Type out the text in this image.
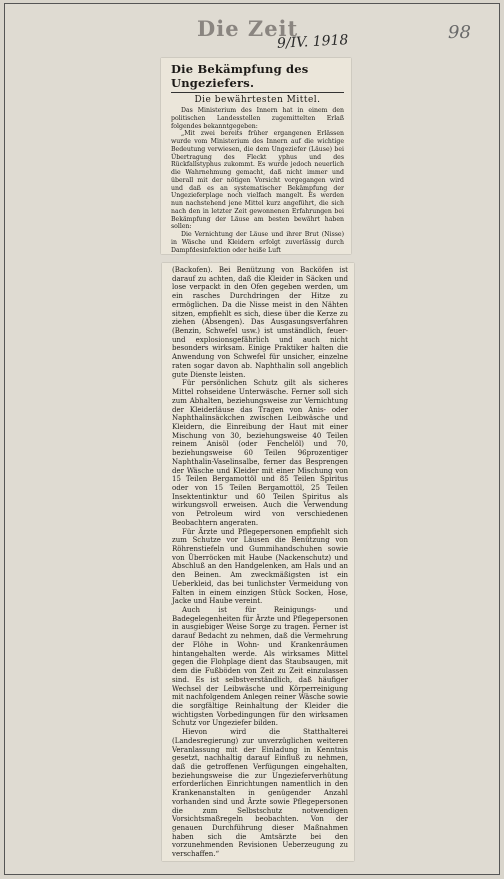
Die Zeit
9/IV. 1918	98
Die Bekämpfung des Ungeziefers.
Die bewährtesten Mittel.

Das Ministerium des Innern hat in einem den politischen Landesstellen zugemittelten Erlaß folgendes bekanntgegeben:

„Mit zwei bereits früher ergangenen Erlässen wurde vom Ministerium des Innern auf die wichtige Bedeutung verwiesen, die dem Ungeziefer (Läuse) bei Übertragung des Fleckt yphus und des Rückfallstyphus zukommt. Es wurde jedoch neuerlich die Wahrnehmung gemacht, daß nicht immer und überall mit der nötigen Vorsicht vorgegangen wird und daß es an systematischer Bekämpfung der Ungezieferplage noch vielfach mangelt. Es werden nun nachstehend jene Mittel kurz angeführt, die sich nach den in letzter Zeit gewonnenen Erfahrungen bei Bekämpfung der Läuse am besten bewährt haben sollen:

Die Vernichtung der Läuse und ihrer Brut (Nisse) in Wäsche und Kleidern erfolgt zuverlässig durch Dampfdesinfektion oder heiße Luft

(Backofen). Bei Benützung von Backöfen ist darauf zu achten, daß die Kleider in Säcken und lose verpackt in den Ofen gegeben werden, um ein rasches Durchdringen der Hitze zu ermöglichen. Da die Nisse meist in den Nähten sitzen, empfiehlt es sich, diese über die Kerze zu ziehen (Absengen). Das Ausgasungsverfahren (Benzin, Schwefel usw.) ist umständlich, feuer- und explosionsgefährlich und auch nicht besonders wirksam. Einige Praktiker halten die Anwendung von Schwefel für unsicher, einzelne raten sogar davon ab. Naphthalin soll angeblich gute Dienste leisten.

Für persönlichen Schutz gilt als sicheres Mittel rohseidene Unterwäsche. Ferner soll sich zum Abhalten, beziehungsweise zur Vernichtung der Kleiderläuse das Tragen von Anis- oder Naphthalinsäckchen zwischen Leibwäsche und Kleidern, die Einreibung der Haut mit einer Mischung von 30, beziehungsweise 40 Teilen reinem Anisöl (oder Fenchelöl) und 70, beziehungsweise 60 Teilen 96prozentiger Naphthalin-Vaselinsalbe, ferner das Besprengen der Wäsche und Kleider mit einer Mischung von 15 Teilen Bergamottöl und 85 Teilen Spiritus oder von 15 Teilen Bergamottöl, 25 Teilen Insektentinktur und 60 Teilen Spiritus als wirkungsvoll erweisen. Auch die Verwendung von Petroleum wird von verschiedenen Beobachtern angeraten.

Für Ärzte und Pflegepersonen empfiehlt sich zum Schutze vor Läusen die Benützung von Röhrenstiefeln und Gummihandschuhen sowie von Überröcken mit Haube (Nackenschutz) und Abschluß an den Handgelenken, am Hals und an den Beinen. Am zweckmäßigsten ist ein Ueberkleid, das bei tunlichster Vermeidung von Falten in einem einzigen Stück Socken, Hose, Jacke und Haube vereint.

Auch ist für Reinigungs- und Badegelegenheiten für Ärzte und Pflegepersonen in ausgiebiger Weise Sorge zu tragen. Ferner ist darauf Bedacht zu nehmen, daß die Vermehrung der Flöhe in Wohn- und Krankenräumen hintangehalten werde. Als wirksames Mittel gegen die Flohplage dient das Staubsaugen, mit dem die Fußböden von Zeit zu Zeit einzulassen sind. Es ist selbstverständlich, daß häufiger Wechsel der Leibwäsche und Körperreinigung mit nachfolgendem Anlegen reiner Wäsche sowie die sorgfältige Reinhaltung der Kleider die wichtigsten Vorbedingungen für den wirksamen Schutz vor Ungeziefer bilden.

Hievon wird die Statthalterei (Landesregierung) zur unverzüglichen weiteren Veranlassung mit der Einladung in Kenntnis gesetzt, nachhaltig darauf Einfluß zu nehmen, daß die getroffenen Verfügungen eingehalten, beziehungsweise die zur Ungezieferverhütung erforderlichen Einrichtungen namentlich in den Krankenanstalten in genügender Anzahl vorhanden sind und Ärzte sowie Pflegepersonen die zum Selbstschutz notwendigen Vorsichtsmaßregeln beobachten. Von der genauen Durchführung dieser Maßnahmen haben sich die Amtsärzte bei den vorzunehmenden Revisionen Ueberzeugung zu verschaffen.“
